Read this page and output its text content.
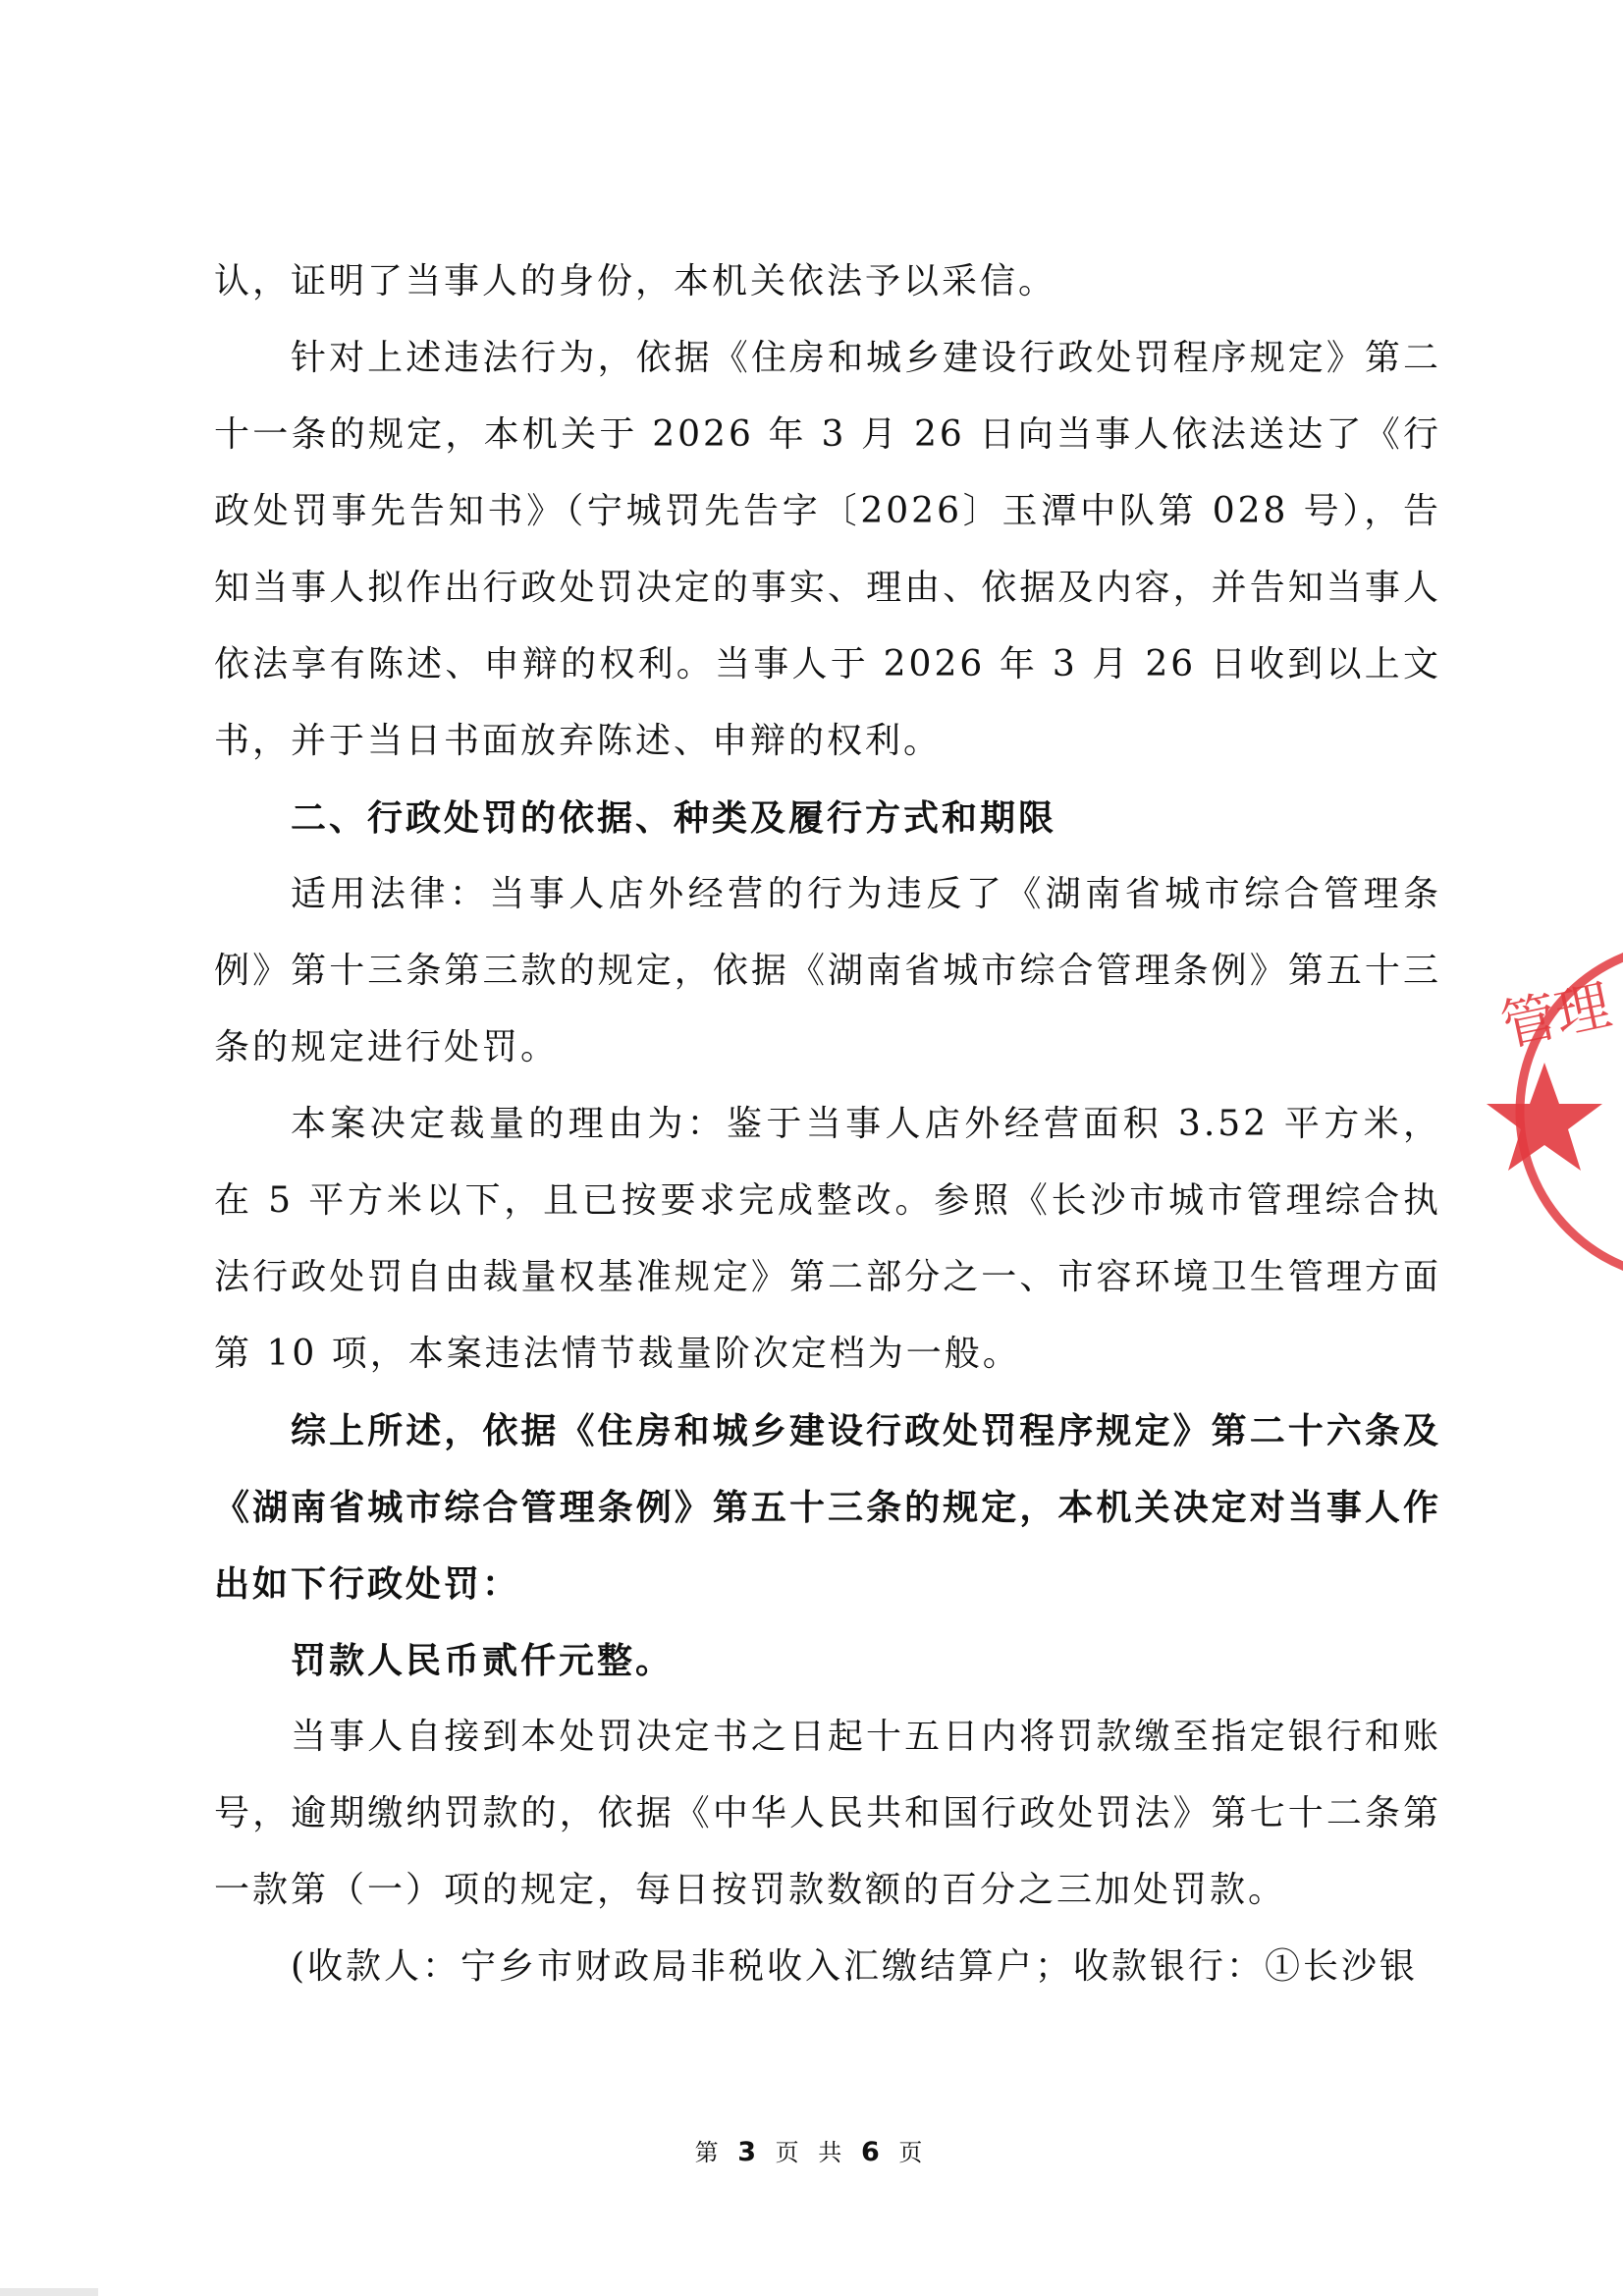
认，证明了当事人的身份，本机关依法予以采信。

针对上述违法行为，依据《住房和城乡建设行政处罚程序规定》第二十一条的规定，本机关于 2026 年 3 月 26 日向当事人依法送达了《行政处罚事先告知书》（宁城罚先告字〔2026〕玉潭中队第 028 号），告知当事人拟作出行政处罚决定的事实、理由、依据及内容，并告知当事人依法享有陈述、申辩的权利。当事人于 2026 年 3 月 26 日收到以上文书，并于当日书面放弃陈述、申辩的权利。

二、行政处罚的依据、种类及履行方式和期限

适用法律：当事人店外经营的行为违反了《湖南省城市综合管理条例》第十三条第三款的规定，依据《湖南省城市综合管理条例》第五十三条的规定进行处罚。

本案决定裁量的理由为：鉴于当事人店外经营面积 3.52 平方米，在 5 平方米以下，且已按要求完成整改。参照《长沙市城市管理综合执法行政处罚自由裁量权基准规定》第二部分之一、市容环境卫生管理方面第 10 项，本案违法情节裁量阶次定档为一般。

综上所述，依据《住房和城乡建设行政处罚程序规定》第二十六条及《湖南省城市综合管理条例》第五十三条的规定，本机关决定对当事人作出如下行政处罚：

罚款人民币贰仟元整。

当事人自接到本处罚决定书之日起十五日内将罚款缴至指定银行和账号，逾期缴纳罚款的，依据《中华人民共和国行政处罚法》第七十二条第一款第（一）项的规定，每日按罚款数额的百分之三加处罚款。

(收款人：宁乡市财政局非税收入汇缴结算户；收款银行：①长沙银

管理
第 3 页 共 6 页
